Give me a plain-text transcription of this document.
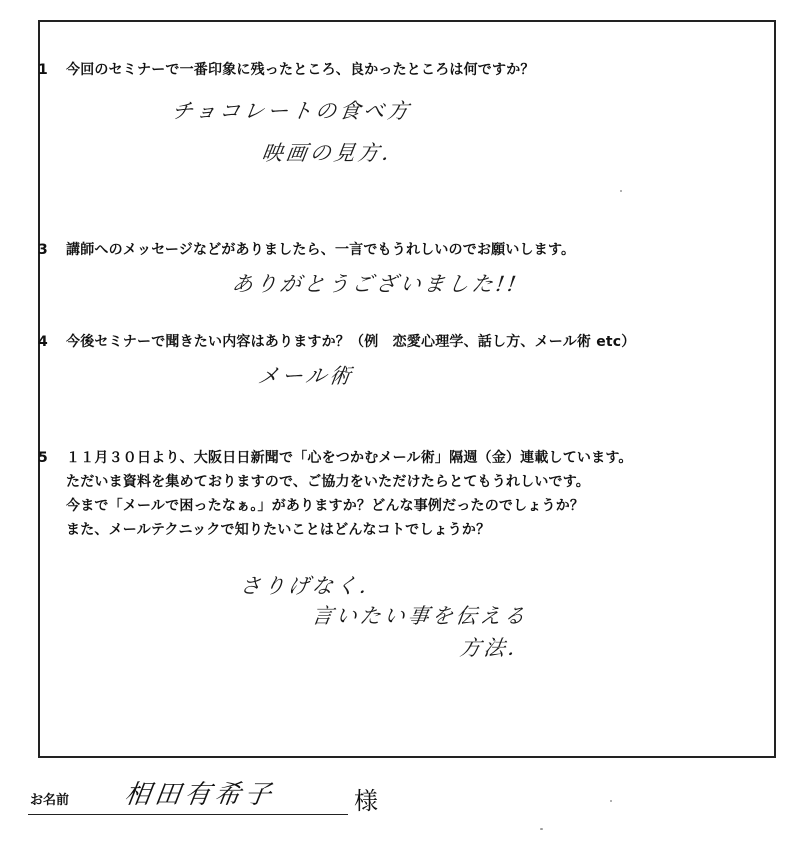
1 今回のセミナーで一番印象に残ったところ、良かったところは何ですか？
チョコレートの食べ方
映画の見方．
3 講師へのメッセージなどがありましたら、一言でもうれしいのでお願いします。
ありがとうございました!!
4 今後セミナーで聞きたい内容はありますか？（例　恋愛心理学、話し方、メール術 etc）
メール術
5 １１月３０日より、大阪日日新聞で「心をつかむメール術」隔週（金）連載しています。
ただいま資料を集めておりますので、ご協力をいただけたらとてもうれしいです。
今まで「メールで困ったなぁ。」がありますか？どんな事例だったのでしょうか？
また、メールテクニックで知りたいことはどんなコトでしょうか？
さりげなく．
言いたい事を伝える
方法．
お名前 相田有希子	様
